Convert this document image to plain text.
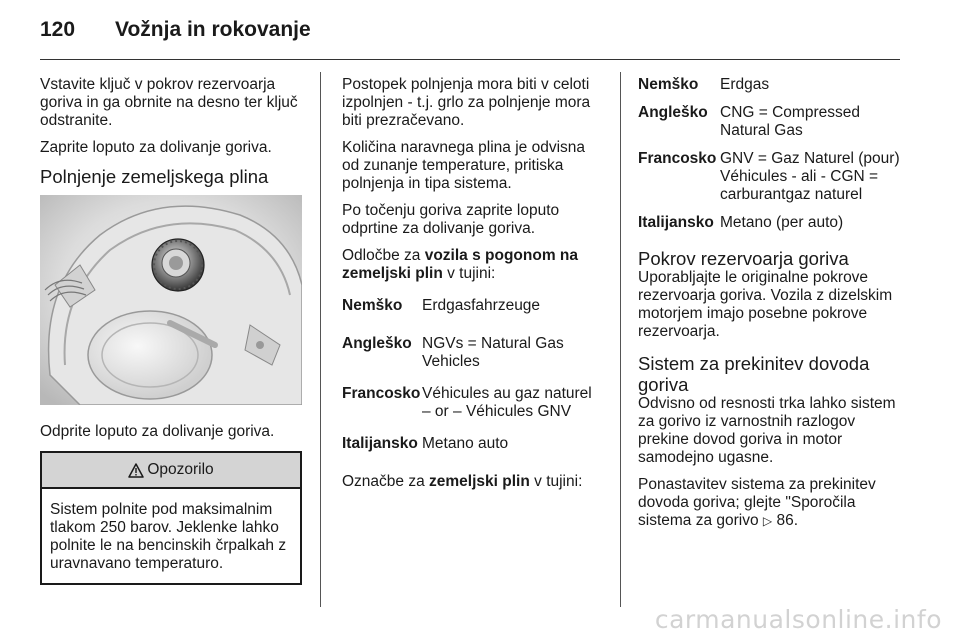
120 Vožnja in rokovanje

Vstavite ključ v pokrov rezervoarja goriva in ga obrnite na desno ter ključ odstranite.

Zaprite loputo za dolivanje goriva.

Polnjenje zemeljskega plina

Odprite loputo za dolivanje goriva.

Opozorilo
Sistem polnite pod maksimalnim tlakom 250 barov. Jeklenke lahko polnite le na bencinskih črpalkah z uravnavano temperaturo.

Postopek polnjenja mora biti v celoti izpolnjen - t.j. grlo za polnjenje mora biti prezračevano.

Količina naravnega plina je odvisna od zunanje temperature, pritiska polnjenja in tipa sistema.

Po točenju goriva zaprite loputo odprtine za dolivanje goriva.

Odločbe za vozila s pogonom na zemeljski plin v tujini:

Nemško	Erdgasfahrzeuge
Angleško NGVs = Natural Gas Vehicles
Francosko Véhicules au gaz naturel – or – Véhicules GNV
Italijansko Metano auto

Označbe za zemeljski plin v tujini:

Nemško	Erdgas
Angleško CNG = Compressed Natural Gas
Francosko GNV = Gaz Naturel (pour) Véhicules - ali - CGN = carburantgaz naturel
Italijansko Metano (per auto)
Pokrov rezervoarja goriva

Uporabljajte le originalne pokrove rezervoarja goriva. Vozila z dizelskim motorjem imajo posebne pokrove rezervoarja.

Sistem za prekinitev dovoda goriva

Odvisno od resnosti trka lahko sistem za gorivo iz varnostnih razlogov prekine dovod goriva in motor samodejno ugasne.

Ponastavitev sistema za prekinitev dovoda goriva; glejte "Sporočila sistema za gorivo ▷ 86.

carmanualsonline.info
